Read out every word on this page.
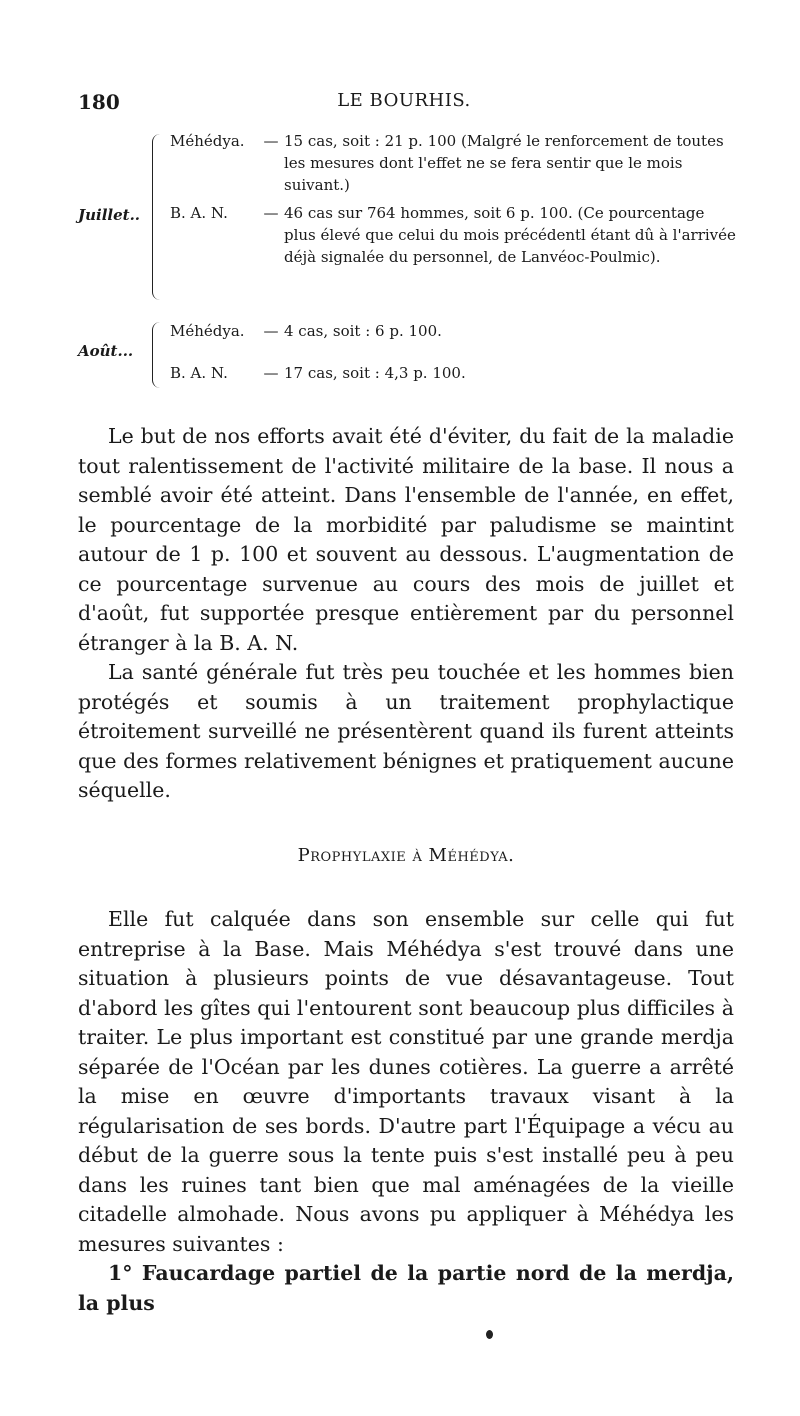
180	LE BOURHIS.
Juillet..
Méhédya.	— 15 cas, soit : 21 p. 100 (Malgré le renforcement de toutes les mesures dont l'effet ne se fera sentir que le mois suivant.)
B. A. N.	— 46 cas sur 764 hommes, soit 6 p. 100. (Ce pourcentage plus élevé que celui du mois précédentl étant dû à l'arrivée déjà signalée du personnel, de Lanvéoc-Poulmic).
Août...
Méhédya.	— 4 cas, soit : 6 p. 100.
B. A. N.	— 17 cas, soit : 4,3 p. 100.

Le but de nos efforts avait été d'éviter, du fait de la maladie tout ralentissement de l'activité militaire de la base. Il nous a semblé avoir été atteint. Dans l'ensemble de l'année, en effet, le pourcentage de la morbidité par paludisme se maintint autour de 1 p. 100 et souvent au dessous. L'augmentation de ce pourcentage survenue au cours des mois de juillet et d'août, fut supportée presque entièrement par du personnel étranger à la B. A. N.

La santé générale fut très peu touchée et les hommes bien protégés et soumis à un traitement prophylactique étroitement surveillé ne présentèrent quand ils furent atteints que des formes relativement bénignes et pratiquement aucune séquelle.

Prophylaxie à Méhédya.

Elle fut calquée dans son ensemble sur celle qui fut entreprise à la Base. Mais Méhédya s'est trouvé dans une situation à plusieurs points de vue désavantageuse. Tout d'abord les gîtes qui l'entourent sont beaucoup plus difficiles à traiter. Le plus important est constitué par une grande merdja séparée de l'Océan par les dunes cotières. La guerre a arrêté la mise en œuvre d'importants travaux visant à la régularisation de ses bords. D'autre part l'Équipage a vécu au début de la guerre sous la tente puis s'est installé peu à peu dans les ruines tant bien que mal aménagées de la vieille citadelle almohade. Nous avons pu appliquer à Méhédya les mesures suivantes :

1° Faucardage partiel de la partie nord de la merdja, la plus
